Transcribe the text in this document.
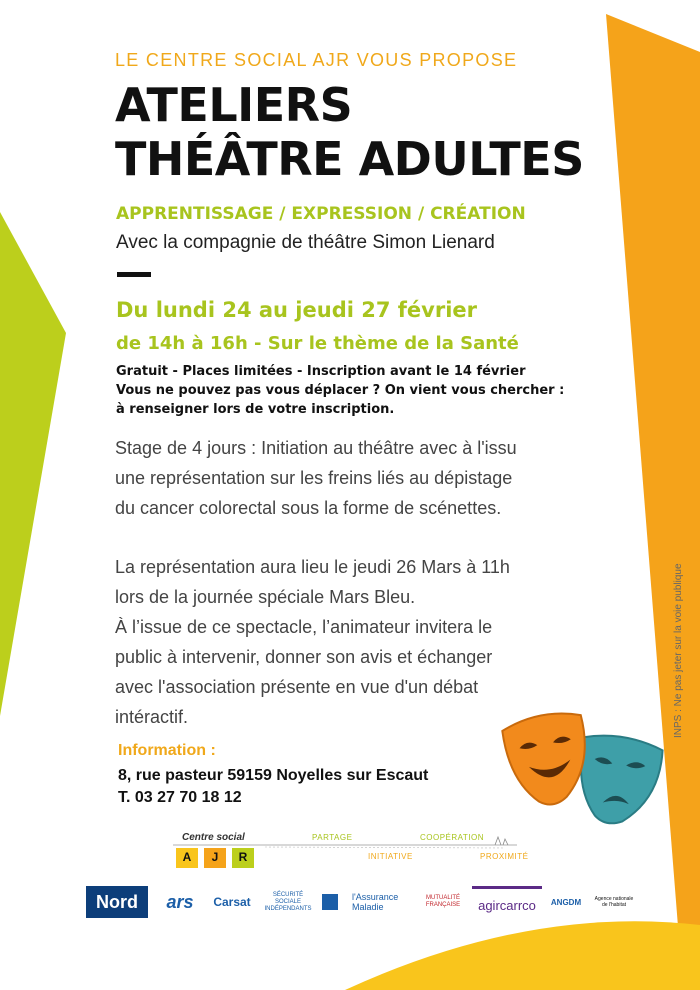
LE CENTRE SOCIAL AJR VOUS PROPOSE
ATELIERS
THÉÂTRE ADULTES
APPRENTISSAGE / EXPRESSION / CRÉATION
Avec la compagnie de théâtre Simon Lienard
Du lundi 24 au jeudi 27 février
de 14h à 16h - Sur le thème de la Santé
Gratuit - Places limitées - Inscription avant le 14 février
Vous ne pouvez pas vous déplacer ? On vient vous chercher :
à renseigner lors de votre inscription.
Stage de 4 jours : Initiation au théâtre avec à l'issu
une représentation sur les freins liés au dépistage
du cancer colorectal sous la forme de scénettes.
La représentation aura lieu le jeudi 26 Mars à 11h
lors de la journée spéciale Mars Bleu.
À l’issue de ce spectacle, l’animateur invitera le
public à intervenir, donner son avis et échanger
avec l'association présente en vue d'un débat
intéractif.
Information :
8, rue pasteur 59159 Noyelles sur Escaut
T. 03 27 70 18 12
INPS : Ne pas jeter sur la voie publique
Centre social
A	J	R
PARTAGE	COOPÉRATION
INITIATIVE	PROXIMITÉ
Nord	ars	Carsat
SÉCURITÉ SOCIALE INDÉPENDANTS
l'Assurance Maladie
MUTUALITÉ FRANÇAISE	agircarrco	ANGDM	Agence nationale de l'habitat
